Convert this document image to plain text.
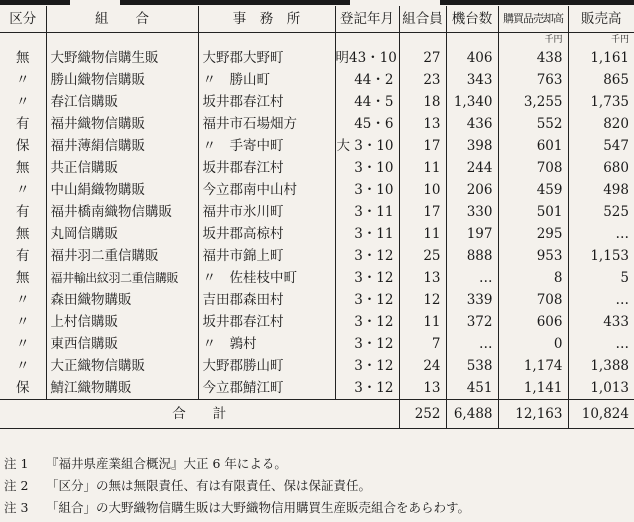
区分	組　　合	事　務　所	登記年月	組合員	機台数	購買品売却高	販売高
						千円	千円
無	大野織物信購生販	大野郡大野町	明43・10	27	406	438	1,161
〃	勝山織物信購販	〃　勝山町	44・2	23	343	763	865
〃	春江信購販	坂井郡春江村	44・5	18	1,340	3,255	1,735
有	福井織物信購販	福井市石場畑方	45・6	13	436	552	820
保	福井薄絹信購販	〃　手寄中町	大 3・10	17	398	601	547
無	共正信購販	坂井郡春江村	3・10	11	244	708	680
〃	中山絹織物購販	今立郡南中山村	3・10	10	206	459	498
有	福井橋南織物信購販	福井市氷川町	3・11	17	330	501	525
無	丸岡信購販	坂井郡高椋村	3・11	11	197	295	…
有	福井羽二重信購販	福井市錦上町	3・12	25	888	953	1,153
無	福井輸出紋羽二重信購販	〃　佐桂枝中町	3・12	13	…	8	5
〃	森田織物購販	吉田郡森田村	3・12	12	339	708	…
〃	上村信購販	坂井郡春江村	3・12	11	372	606	433
〃	東西信購販	〃　鶉村	3・12	7	…	0	…
〃	大正織物信購販	大野郡勝山町	3・12	24	538	1,174	1,388
保	鯖江織物購販	今立郡鯖江町	3・12	13	451	1,141	1,013
合　　計				252	6,488	12,163	10,824
注 1 『福井県産業組合概況』大正 6 年による。
注 2 「区分」の無は無限責任、有は有限責任、保は保証責任。
注 3 「組合」の大野織物信購生販は大野織物信用購買生産販売組合をあらわす。
